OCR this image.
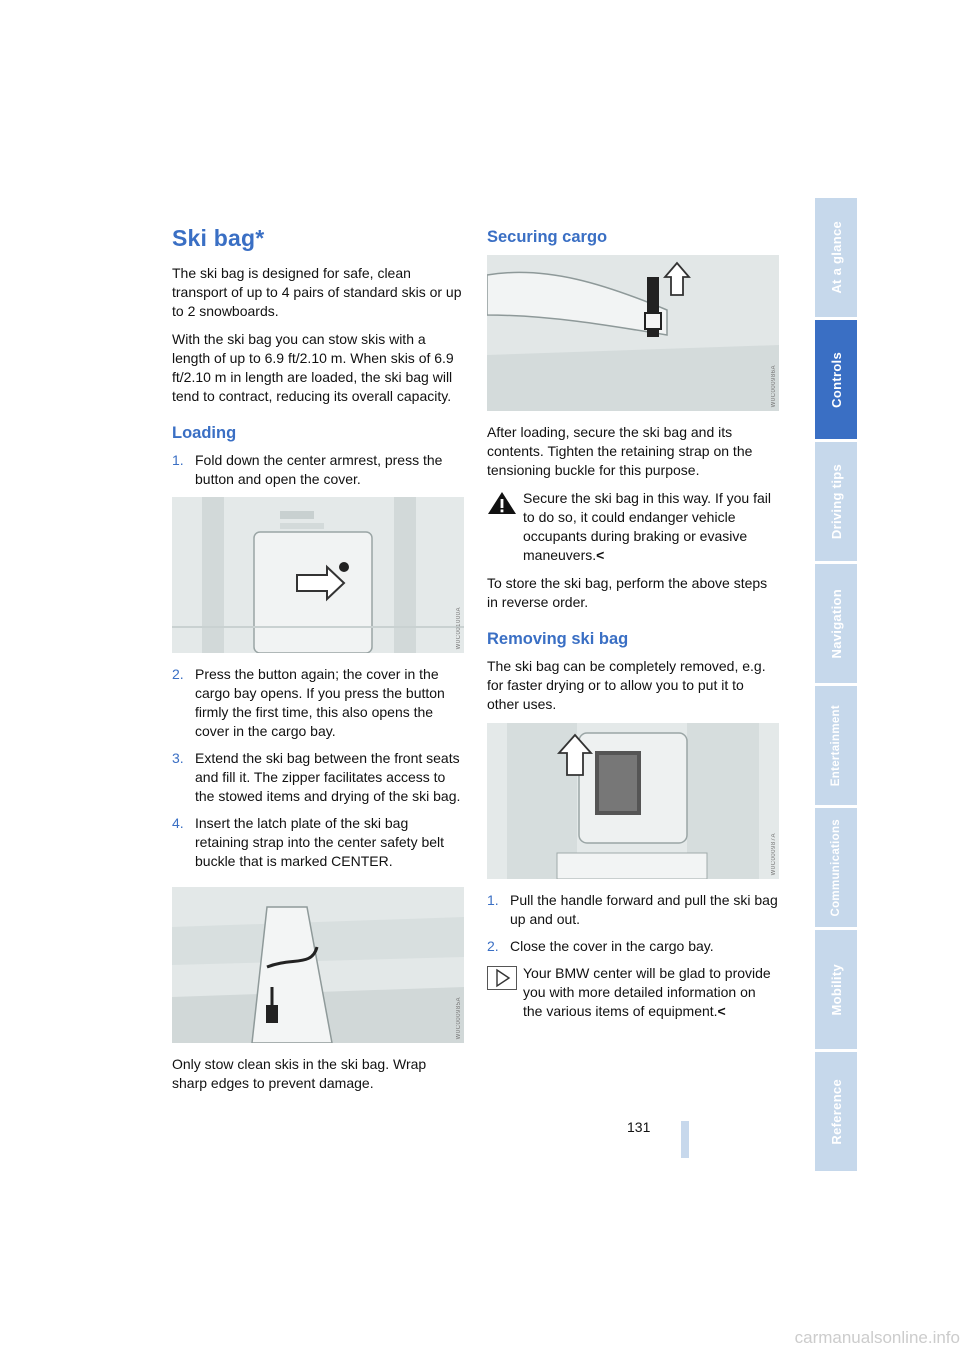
Ski bag*

The ski bag is designed for safe, clean transport of up to 4 pairs of standard skis or up to 2 snowboards.

With the ski bag you can stow skis with a length of up to 6.9 ft/2.10 m. When skis of 6.9 ft/2.10 m in length are loaded, the ski bag will tend to contract, reducing its overall capacity.

Loading
1. Fold down the center armrest, press the button and open the cover.
W0C001000A
2. Press the button again; the cover in the cargo bay opens. If you press the button firmly the first time, this also opens the cover in the cargo bay.
3. Extend the ski bag between the front seats and fill it. The zipper facilitates access to the stowed items and drying of the ski bag.
4. Insert the latch plate of the ski bag retaining strap into the center safety belt buckle that is marked CENTER.
W0C000985A

Only stow clean skis in the ski bag. Wrap sharp edges to prevent damage.

Securing cargo
W0C000986A

After loading, secure the ski bag and its contents. Tighten the retaining strap on the tensioning buckle for this purpose.

Secure the ski bag in this way. If you fail to do so, it could endanger vehicle occupants during braking or evasive maneuvers.<

To store the ski bag, perform the above steps in reverse order.

Removing ski bag

The ski bag can be completely removed, e.g. for faster drying or to allow you to put it to other uses.

W0C000987A
1. Pull the handle forward and pull the ski bag up and out.
2. Close the cover in the cargo bay.
Your BMW center will be glad to provide you with more detailed information on the various items of equipment.<
131
At a glance
Controls
Driving tips
Navigation
Entertainment
Communications
Mobility
Reference
carmanualsonline.info
